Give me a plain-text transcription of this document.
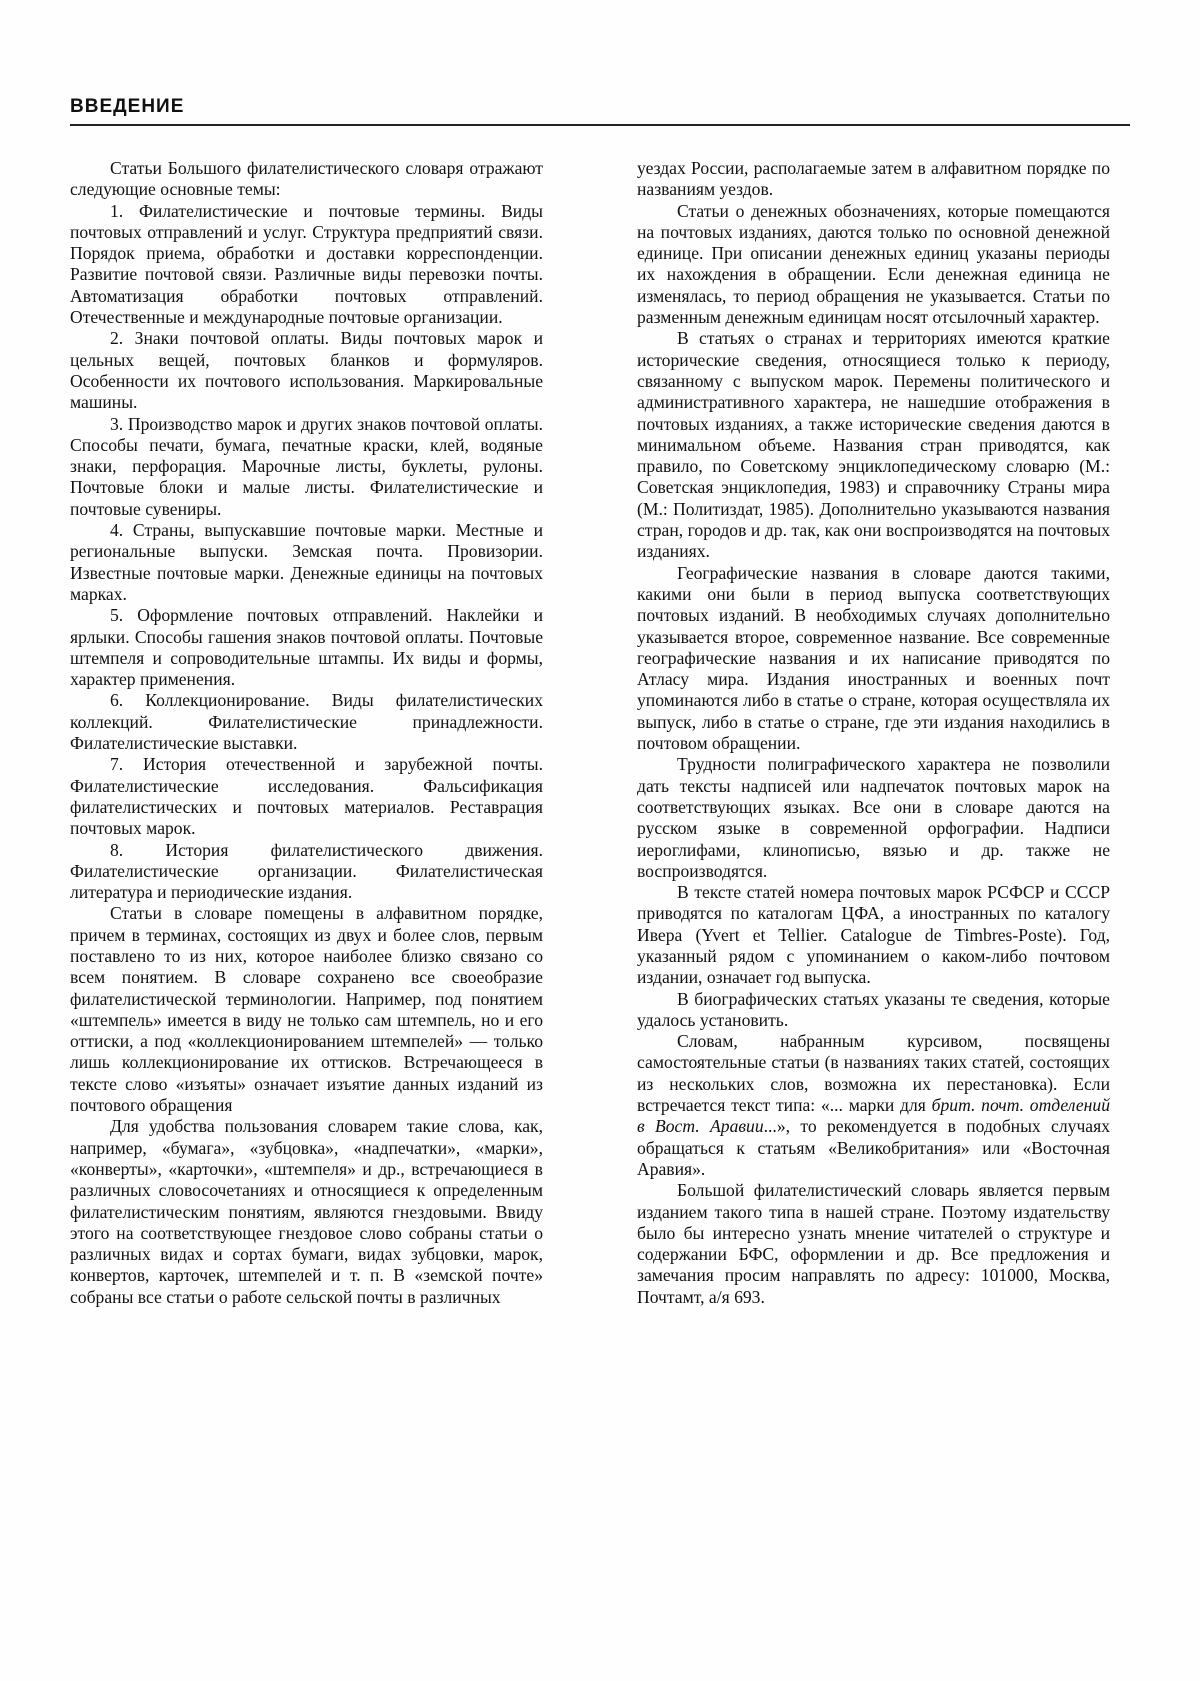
ВВЕДЕНИЕ

Статьи Большого филателистического словаря отражают следующие основные темы:

1. Филателистические и почтовые термины. Виды почтовых отправлений и услуг. Структура предприятий связи. Порядок приема, обработки и доставки корреспонденции. Развитие почтовой связи. Различные виды перевозки почты. Автоматизация обработки почтовых отправлений. Отечественные и международные почтовые организации.

2. Знаки почтовой оплаты. Виды почтовых марок и цельных вещей, почтовых бланков и формуляров. Особенности их почтового использования. Маркировальные машины.

3. Производство марок и других знаков почтовой оплаты. Способы печати, бумага, печатные краски, клей, водяные знаки, перфорация. Марочные листы, буклеты, рулоны. Почтовые блоки и малые листы. Филателистические и почтовые сувениры.

4. Страны, выпускавшие почтовые марки. Местные и региональные выпуски. Земская почта. Провизории. Известные почтовые марки. Денежные единицы на почтовых марках.

5. Оформление почтовых отправлений. Наклейки и ярлыки. Способы гашения знаков почтовой оплаты. Почтовые штемпеля и сопроводительные штампы. Их виды и формы, характер применения.

6. Коллекционирование. Виды филателистических коллекций. Филателистические принадлежности. Филателистические выставки.

7. История отечественной и зарубежной почты. Филателистические исследования. Фальсификация филателистических и почтовых материалов. Реставрация почтовых марок.

8. История филателистического движения. Филателистические организации. Филателистическая литература и периодические издания.

Статьи в словаре помещены в алфавитном порядке, причем в терминах, состоящих из двух и более слов, первым поставлено то из них, которое наиболее близко связано со всем понятием. В словаре сохранено все своеобразие филателистической терминологии. Например, под понятием «штемпель» имеется в виду не только сам штемпель, но и его оттиски, а под «коллекционированием штемпелей» — только лишь коллекционирование их оттисков. Встречающееся в тексте слово «изъяты» означает изъятие данных изданий из почтового обращения

Для удобства пользования словарем такие слова, как, например, «бумага», «зубцовка», «надпечатки», «марки», «конверты», «карточки», «штемпеля» и др., встречающиеся в различных словосочетаниях и относящиеся к определенным филателистическим понятиям, являются гнездовыми. Ввиду этого на соответствующее гнездовое слово собраны статьи о различных видах и сортах бумаги, видах зубцовки, марок, конвертов, карточек, штемпелей и т. п. В «земской почте» собраны все статьи о работе сельской почты в различных

уездах России, располагаемые затем в алфавитном порядке по названиям уездов.

Статьи о денежных обозначениях, которые помещаются на почтовых изданиях, даются только по основной денежной единице. При описании денежных единиц указаны периоды их нахождения в обращении. Если денежная единица не изменялась, то период обращения не указывается. Статьи по разменным денежным единицам носят отсылочный характер.

В статьях о странах и территориях имеются краткие исторические сведения, относящиеся только к периоду, связанному с выпуском марок. Перемены политического и административного характера, не нашедшие отображения в почтовых изданиях, а также исторические сведения даются в минимальном объеме. Названия стран приводятся, как правило, по Советскому энциклопедическому словарю (М.: Советская энциклопедия, 1983) и справочнику Страны мира (М.: Политиздат, 1985). Дополнительно указываются названия стран, городов и др. так, как они воспроизводятся на почтовых изданиях.

Географические названия в словаре даются такими, какими они были в период выпуска соответствующих почтовых изданий. В необходимых случаях дополнительно указывается второе, современное название. Все современные географические названия и их написание приводятся по Атласу мира. Издания иностранных и военных почт упоминаются либо в статье о стране, которая осуществляла их выпуск, либо в статье о стране, где эти издания находились в почтовом обращении.

Трудности полиграфического характера не позволили дать тексты надписей или надпечаток почтовых марок на соответствующих языках. Все они в словаре даются на русском языке в современной орфографии. Надписи иероглифами, клинописью, вязью и др. также не воспроизводятся.

В тексте статей номера почтовых марок РСФСР и СССР приводятся по каталогам ЦФА, а иностранных по каталогу Ивера (Yvert et Tellier. Catalogue de Timbres-Poste). Год, указанный рядом с упоминанием о каком-либо почтовом издании, означает год выпуска.

В биографических статьях указаны те сведения, которые удалось установить.

Словам, набранным курсивом, посвящены самостоятельные статьи (в названиях таких статей, состоящих из нескольких слов, возможна их перестановка). Если встречается текст типа: «... марки для брит. почт. отделений в Вост. Аравии...», то рекомендуется в подобных случаях обращаться к статьям «Великобритания» или «Восточная Аравия».

Большой филателистический словарь является первым изданием такого типа в нашей стране. Поэтому издательству было бы интересно узнать мнение читателей о структуре и содержании БФС, оформлении и др. Все предложения и замечания просим направлять по адресу: 101000, Москва, Почтамт, а/я 693.
